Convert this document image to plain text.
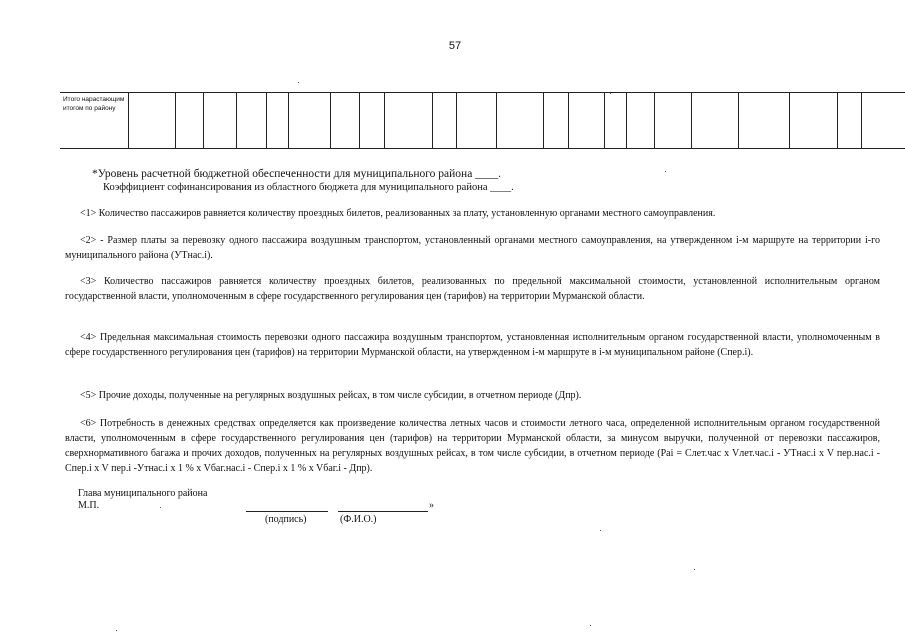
57
Итого нарастающим итогом по району																						
*Уровень расчетной бюджетной обеспеченности для муниципального района ____.
Коэффициент софинансирования из областного бюджета для муниципального района ____.

<1> Количество пассажиров равняется количеству проездных билетов, реализованных за плату, установленную органами местного самоуправления.

<2> - Размер платы за перевозку одного пассажира воздушным транспортом, установленный органами местного самоуправления, на утвержденном i-м маршруте на территории i-го муниципального района (УТнас.i).

<3> Количество пассажиров равняется количеству проездных билетов, реализованных по предельной максимальной стоимости, установленной исполнительным органом государственной власти, уполномоченным в сфере государственного регулирования цен (тарифов) на территории Мурманской области.

<4> Предельная максимальная стоимость перевозки одного пассажира воздушным транспортом, установленная исполнительным органом государственной власти, уполномоченным в сфере государственного регулирования цен (тарифов) на территории Мурманской области, на утвержденном i-м маршруте в i-м муниципальном районе (Спер.i).

<5> Прочие доходы, полученные на регулярных воздушных рейсах, в том числе субсидии, в отчетном периоде (Дпр).

<6> Потребность в денежных средствах определяется как произведение количества летных часов и стоимости летного часа, определенной исполнительным органом государственной власти, уполномоченным в сфере государственного регулирования цен (тарифов) на территории Мурманской области, за минусом выручки, полученной от перевозки пассажиров, сверхнормативного багажа и прочих доходов, полученных на регулярных воздушных рейсах, в том числе субсидии, в отчетном периоде (Рai = Слет.час x Vлет.час.i - УТнас.i x V пер.нас.i - Спер.i x V пер.i -Утнас.i x 1 % x Vбаг.нас.i - Спер.i x 1 % x Vбаг.i - Дпр).

Глава муниципального района
М.П.	»
(подпись)	(Ф.И.О.)
